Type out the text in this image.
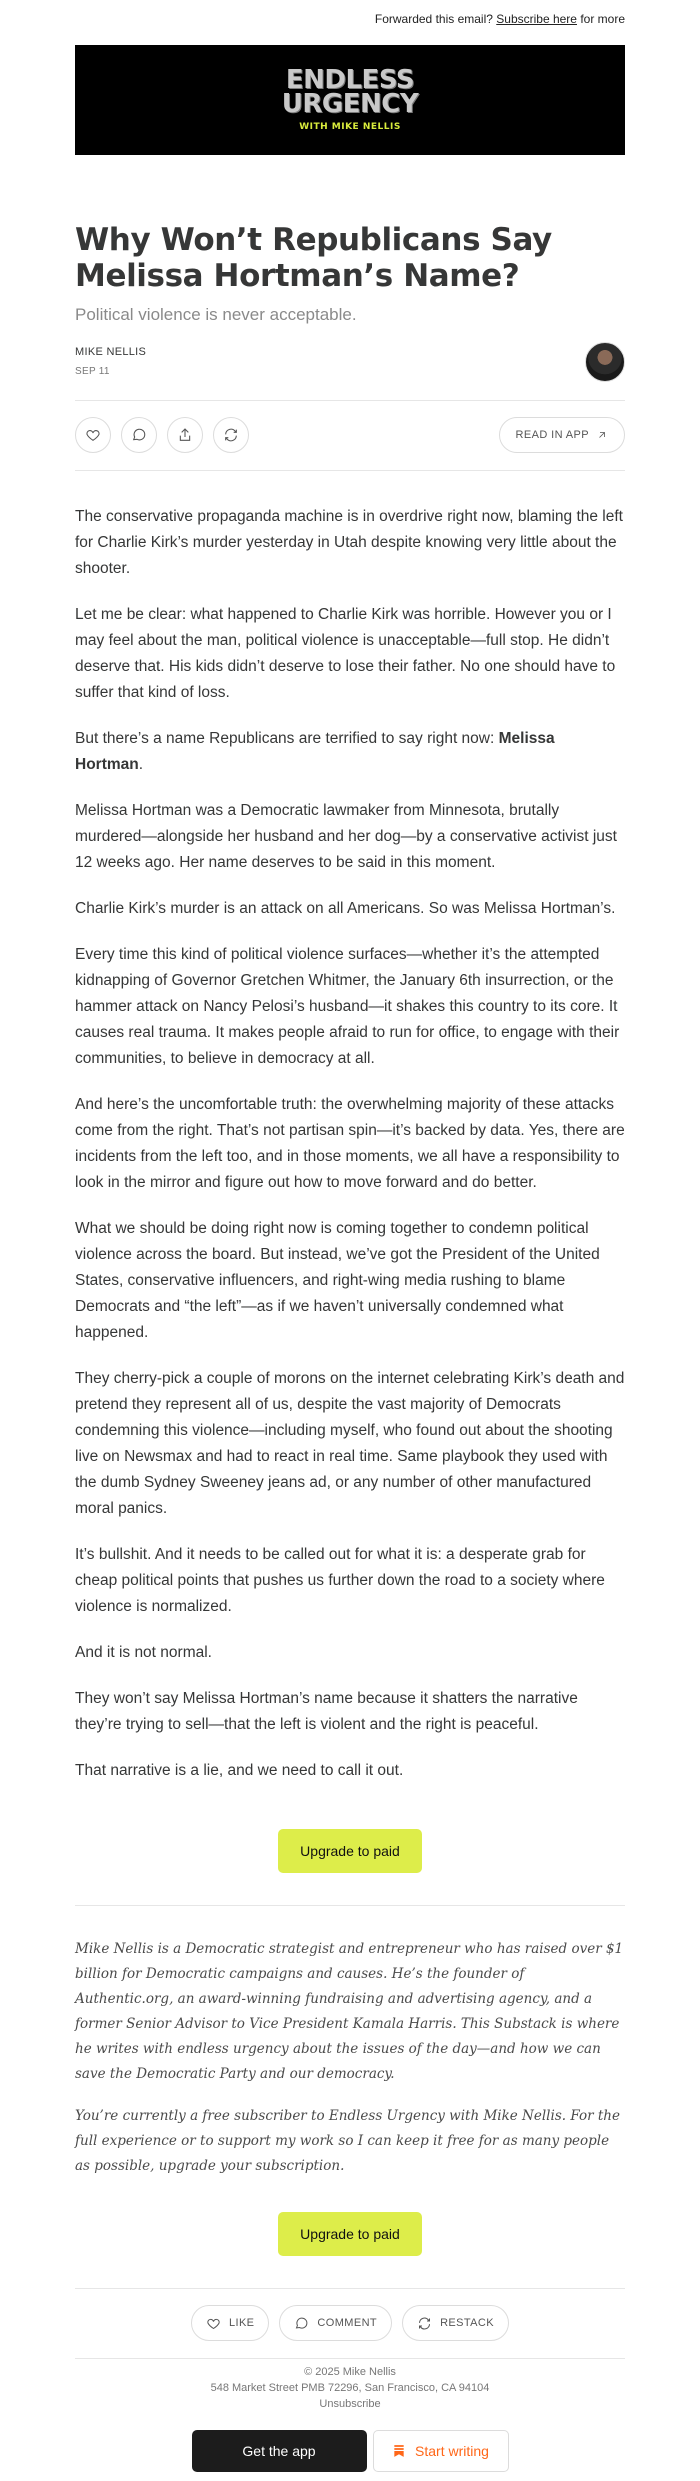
Forwarded this email? Subscribe here for more
ENDLESS
URGENCY
WITH MIKE NELLIS
Why Won’t Republicans Say Melissa Hortman’s Name?
Political violence is never acceptable.
MIKE NELLIS
SEP 11
READ IN APP

The conservative propaganda machine is in overdrive right now, blaming the left for Charlie Kirk’s murder yesterday in Utah despite knowing very little about the shooter.

Let me be clear: what happened to Charlie Kirk was horrible. However you or I may feel about the man, political violence is unacceptable—full stop. He didn’t deserve that. His kids didn’t deserve to lose their father. No one should have to suffer that kind of loss.

But there’s a name Republicans are terrified to say right now: Melissa Hortman.

Melissa Hortman was a Democratic lawmaker from Minnesota, brutally murdered—alongside her husband and her dog—by a conservative activist just 12 weeks ago. Her name deserves to be said in this moment.

Charlie Kirk’s murder is an attack on all Americans. So was Melissa Hortman’s.

Every time this kind of political violence surfaces—whether it’s the attempted kidnapping of Governor Gretchen Whitmer, the January 6th insurrection, or the hammer attack on Nancy Pelosi’s husband—it shakes this country to its core. It causes real trauma. It makes people afraid to run for office, to engage with their communities, to believe in democracy at all.

And here’s the uncomfortable truth: the overwhelming majority of these attacks come from the right. That’s not partisan spin—it’s backed by data. Yes, there are incidents from the left too, and in those moments, we all have a responsibility to look in the mirror and figure out how to move forward and do better.

What we should be doing right now is coming together to condemn political violence across the board. But instead, we’ve got the President of the United States, conservative influencers, and right-wing media rushing to blame Democrats and “the left”—as if we haven’t universally condemned what happened.

They cherry-pick a couple of morons on the internet celebrating Kirk’s death and pretend they represent all of us, despite the vast majority of Democrats condemning this violence—including myself, who found out about the shooting live on Newsmax and had to react in real time. Same playbook they used with the dumb Sydney Sweeney jeans ad, or any number of other manufactured moral panics.

It’s bullshit. And it needs to be called out for what it is: a desperate grab for cheap political points that pushes us further down the road to a society where violence is normalized.

And it is not normal.

They won’t say Melissa Hortman’s name because it shatters the narrative they’re trying to sell—that the left is violent and the right is peaceful.

That narrative is a lie, and we need to call it out.

Upgrade to paid

Mike Nellis is a Democratic strategist and entrepreneur who has raised over $1 billion for Democratic campaigns and causes. He’s the founder of Authentic.org, an award-winning fundraising and advertising agency, and a former Senior Advisor to Vice President Kamala Harris. This Substack is where he writes with endless urgency about the issues of the day—and how we can save the Democratic Party and our democracy.

You’re currently a free subscriber to Endless Urgency with Mike Nellis. For the full experience or to support my work so I can keep it free for as many people as possible, upgrade your subscription.

Upgrade to paid
LIKE	COMMENT	RESTACK
© 2025 Mike Nellis
548 Market Street PMB 72296, San Francisco, CA 94104
Unsubscribe
Get the app	Start writing
